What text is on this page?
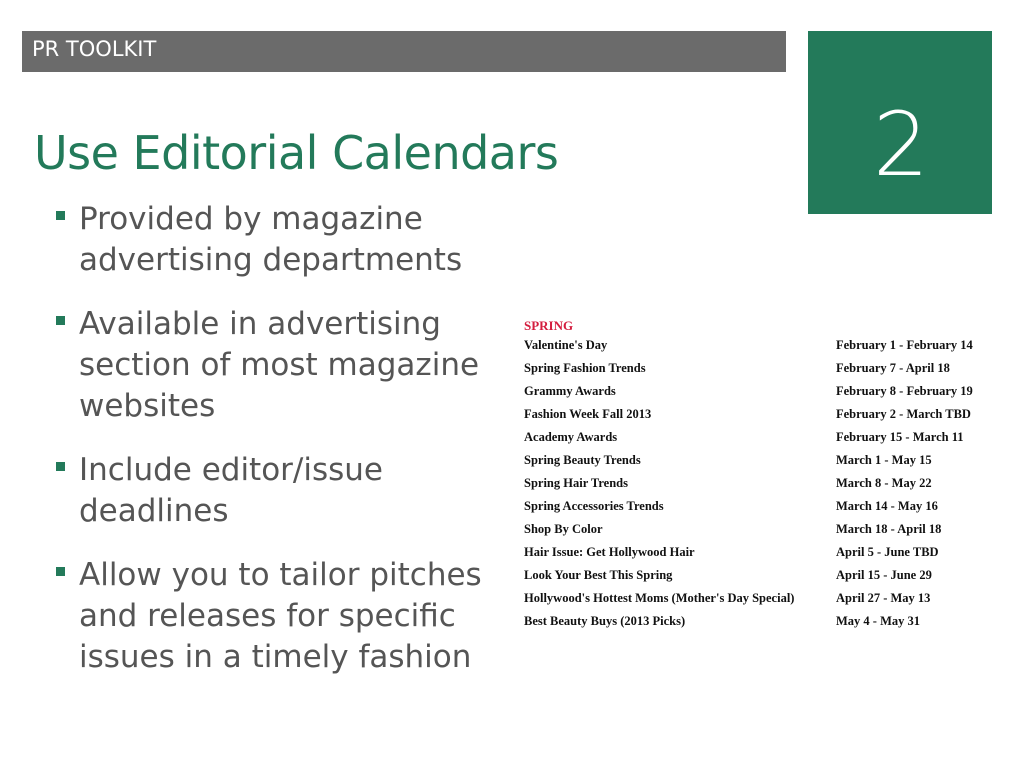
PR TOOLKIT
2
Use Editorial Calendars
Provided by magazine advertising departments
Available in advertising section of most magazine websites
Include editor/issue deadlines
Allow you to tailor pitches and releases for specific issues in a timely fashion
SPRING
Valentine's Day	February 1 - February 14
Spring Fashion Trends	February 7 - April 18
Grammy Awards	February 8 - February 19
Fashion Week Fall 2013	February 2 - March TBD
Academy Awards	February 15 - March 11
Spring Beauty Trends	March 1 - May 15
Spring Hair Trends	March 8 - May 22
Spring Accessories Trends	March 14 - May 16
Shop By Color	March 18 - April 18
Hair Issue: Get Hollywood Hair	April 5 - June TBD
Look Your Best This Spring	April 15 - June 29
Hollywood's Hottest Moms (Mother's Day Special)	April 27 - May 13
Best Beauty Buys (2013 Picks)	May 4 - May 31
